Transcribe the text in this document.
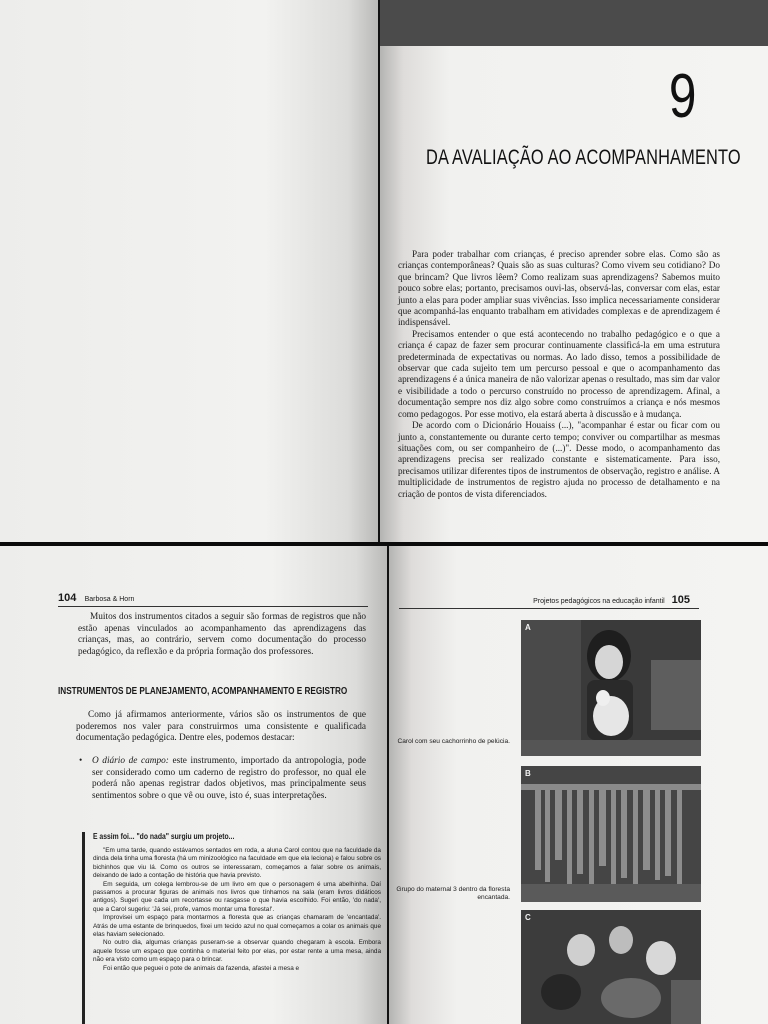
9
DA AVALIAÇÃO AO ACOMPANHAMENTO

Para poder trabalhar com crianças, é preciso aprender sobre elas. Como são as crianças contemporâneas? Quais são as suas culturas? Como vivem seu cotidiano? Do que brincam? Que livros lêem? Como realizam suas aprendizagens? Sabemos muito pouco sobre elas; portanto, precisamos ouvi-las, observá-las, conversar com elas, estar junto a elas para poder ampliar suas vivências. Isso implica necessariamente considerar que acompanhá-las enquanto trabalham em atividades complexas e de aprendizagem é indispensável.

Precisamos entender o que está acontecendo no trabalho pedagógico e o que a criança é capaz de fazer sem procurar continuamente classificá-la em uma estrutura predeterminada de expectativas ou normas. Ao lado disso, temos a possibilidade de observar que cada sujeito tem um percurso pessoal e que o acompanhamento das aprendizagens é a única maneira de não valorizar apenas o resultado, mas sim dar valor e visibilidade a todo o percurso construído no processo de aprendizagem. Afinal, a documentação sempre nos diz algo sobre como construímos a criança e nós mesmos como pedagogos. Por esse motivo, ela estará aberta à discussão e à mudança.

De acordo com o Dicionário Houaiss (...), "acompanhar é estar ou ficar com ou junto a, constantemente ou durante certo tempo; conviver ou compartilhar as mesmas situações com, ou ser companheiro de (...)". Desse modo, o acompanhamento das aprendizagens precisa ser realizado constante e sistematicamente. Para isso, precisamos utilizar diferentes tipos de instrumentos de observação, registro e análise. A multiplicidade de instrumentos de registro ajuda no processo de detalhamento e na criação de pontos de vista diferenciados.

104 Barbosa & Horn

Muitos dos instrumentos citados a seguir são formas de registros que não estão apenas vinculados ao acompanhamento das aprendizagens das crianças, mas, ao contrário, servem como documentação do processo pedagógico, da reflexão e da própria formação dos professores.

INSTRUMENTOS DE PLANEJAMENTO, ACOMPANHAMENTO E REGISTRO

Como já afirmamos anteriormente, vários são os instrumentos de que poderemos nos valer para construirmos uma consistente e qualificada documentação pedagógica. Dentre eles, podemos destacar:

• O diário de campo: este instrumento, importado da antropologia, pode ser considerado como um caderno de registro do professor, no qual ele poderá não apenas registrar dados objetivos, mas principalmente seus sentimentos sobre o que vê ou ouve, isto é, suas interpretações.
E assim foi... "do nada" surgiu um projeto...

"Em uma tarde, quando estávamos sentados em roda, a aluna Carol contou que na faculdade da dinda dela tinha uma floresta (há um minizoológico na faculdade em que ela leciona) e falou sobre os bichinhos que viu lá. Como os outros se interessaram, começamos a falar sobre os animais, deixando de lado a contação de história que havia previsto.

Em seguida, um colega lembrou-se de um livro em que o personagem é uma abelhinha. Daí passamos a procurar figuras de animais nos livros que tínhamos na sala (eram livros didáticos antigos). Sugeri que cada um recortasse ou rasgasse o que havia escolhido. Foi então, 'do nada', que a Carol sugeriu: 'Já sei, profe, vamos montar uma floresta!'.

Improvisei um espaço para montarmos a floresta que as crianças chamaram de 'encantada'. Atrás de uma estante de brinquedos, fixei um tecido azul no qual começamos a colar os animais que elas haviam selecionado.

No outro dia, algumas crianças puseram-se a observar quando chegaram à escola. Embora aquele fosse um espaço que continha o material feito por elas, por estar rente a uma mesa, ainda não era visto como um espaço para o brincar.

Foi então que peguei o pote de animais da fazenda, afastei a mesa e

Projetos pedagógicos na educação infantil 105
A
Carol com seu cachorrinho de pelúcia.
B
Grupo do maternal 3 dentro da floresta encantada.
C
